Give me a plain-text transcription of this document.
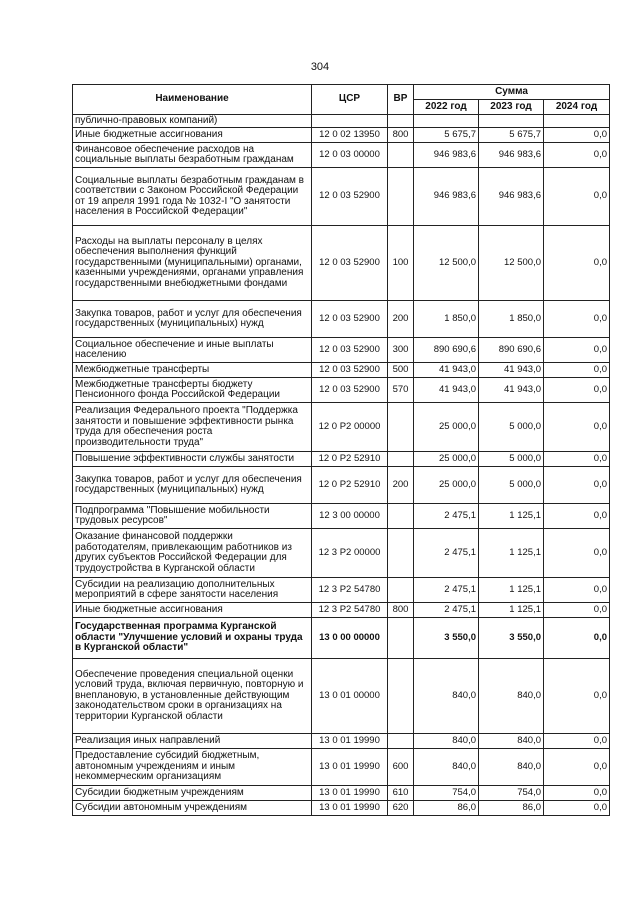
304
Наименование	ЦСР	ВР	Сумма		
			2022 год	2023 год	2024 год
публично-правовых компаний)					
Иные бюджетные ассигнования	12 0 02 13950	800	5 675,7	5 675,7	0,0
Финансовое обеспечение расходов на социальные выплаты безработным гражданам	12 0 03 00000		946 983,6	946 983,6	0,0
Социальные выплаты безработным гражданам в соответствии с Законом Российской Федерации от 19 апреля 1991 года № 1032-I "О занятости населения в Российской Федерации"	12 0 03 52900		946 983,6	946 983,6	0,0
Расходы на выплаты персоналу в целях обеспечения выполнения функций государственными (муниципальными) органами, казенными учреждениями, органами управления государственными внебюджетными фондами	12 0 03 52900	100	12 500,0	12 500,0	0,0
Закупка товаров, работ и услуг для обеспечения государственных (муниципальных) нужд	12 0 03 52900	200	1 850,0	1 850,0	0,0
Социальное обеспечение и иные выплаты населению	12 0 03 52900	300	890 690,6	890 690,6	0,0
Межбюджетные трансферты	12 0 03 52900	500	41 943,0	41 943,0	0,0
Межбюджетные трансферты бюджету Пенсионного фонда Российской Федерации	12 0 03 52900	570	41 943,0	41 943,0	0,0
Реализация Федерального проекта "Поддержка занятости и повышение эффективности рынка труда для обеспечения роста производительности труда"	12 0 P2 00000		25 000,0	5 000,0	0,0
Повышение эффективности службы занятости	12 0 P2 52910		25 000,0	5 000,0	0,0
Закупка товаров, работ и услуг для обеспечения государственных (муниципальных) нужд	12 0 P2 52910	200	25 000,0	5 000,0	0,0
Подпрограмма "Повышение мобильности трудовых ресурсов"	12 3 00 00000		2 475,1	1 125,1	0,0
Оказание финансовой поддержки работодателям, привлекающим работников из других субъектов Российской Федерации для трудоустройства в Курганской области	12 3 P2 00000		2 475,1	1 125,1	0,0
Субсидии на реализацию дополнительных мероприятий в сфере занятости населения	12 3 P2 54780		2 475,1	1 125,1	0,0
Иные бюджетные ассигнования	12 3 P2 54780	800	2 475,1	1 125,1	0,0
Государственная программа Курганской области "Улучшение условий и охраны труда в Курганской области"	13 0 00 00000		3 550,0	3 550,0	0,0
Обеспечение проведения специальной оценки условий труда, включая первичную, повторную и внеплановую, в установленные действующим законодательством сроки в организациях на территории Курганской области	13 0 01 00000		840,0	840,0	0,0
Реализация иных направлений	13 0 01 19990		840,0	840,0	0,0
Предоставление субсидий бюджетным, автономным учреждениям и иным некоммерческим организациям	13 0 01 19990	600	840,0	840,0	0,0
Субсидии бюджетным учреждениям	13 0 01 19990	610	754,0	754,0	0,0
Субсидии автономным учреждениям	13 0 01 19990	620	86,0	86,0	0,0
